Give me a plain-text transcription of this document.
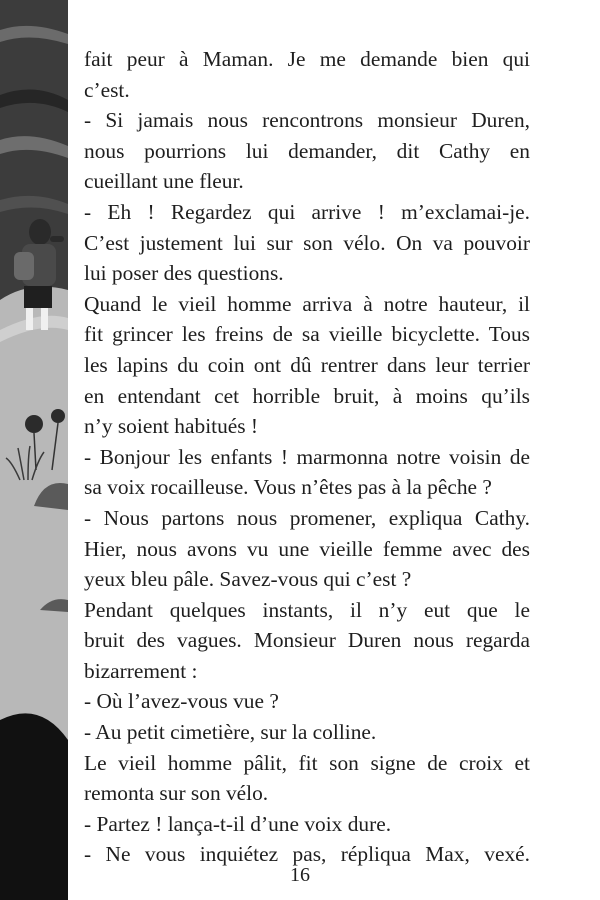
fait peur à Maman. Je me demande bien qui
c’est.
- Si jamais nous rencontrons monsieur Duren,
nous pourrions lui demander, dit Cathy en
cueillant une fleur.
- Eh ! Regardez qui arrive ! m’exclamai-je.
C’est justement lui sur son vélo. On va pouvoir
lui poser des questions.
Quand le vieil homme arriva à notre hauteur, il
fit grincer les freins de sa vieille bicyclette. Tous
les lapins du coin ont dû rentrer dans leur terrier
en entendant cet horrible bruit, à moins qu’ils
n’y soient habitués !
- Bonjour les enfants ! marmonna notre voisin de
sa voix rocailleuse. Vous n’êtes pas à la pêche ?
- Nous partons nous promener, expliqua Cathy.
Hier, nous avons vu une vieille femme avec des
yeux bleu pâle. Savez-vous qui c’est ?
Pendant quelques instants, il n’y eut que le
bruit des vagues. Monsieur Duren nous regarda
bizarrement :
- Où l’avez-vous vue ?
- Au petit cimetière, sur la colline.
Le vieil homme pâlit, fit son signe de croix et
remonta sur son vélo.
- Partez ! lança-t-il d’une voix dure.
- Ne vous inquiétez pas, répliqua Max, vexé.
16
